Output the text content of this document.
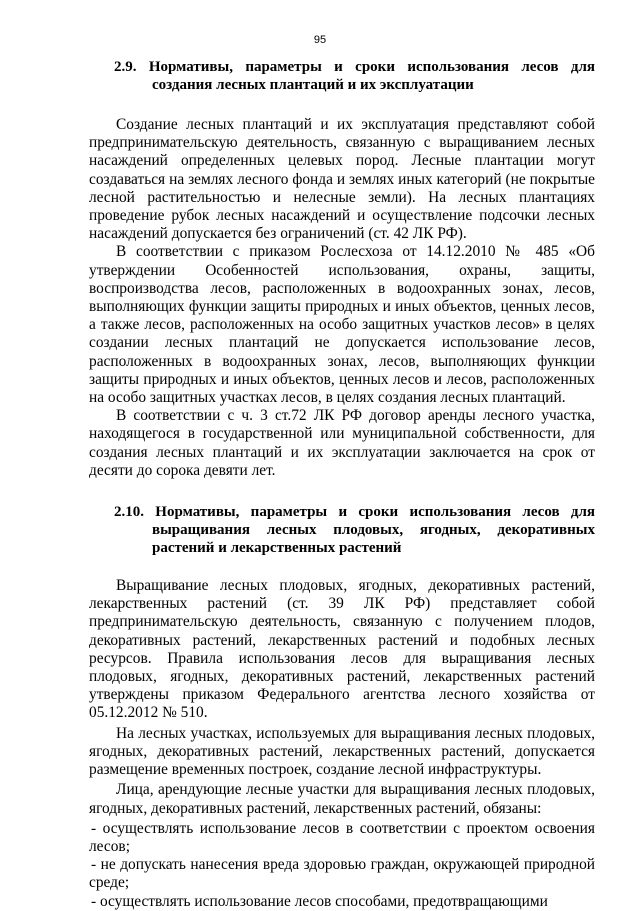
95
2.9. Нормативы, параметры и сроки использования лесов для создания лесных плантаций и их эксплуатации

Создание лесных плантаций и их эксплуатация представляют собой предпринимательскую деятельность, связанную с выращиванием лесных насаждений определенных целевых пород. Лесные плантации могут создаваться на землях лесного фонда и землях иных категорий (не покрытые лесной растительностью и нелесные земли). На лесных плантациях проведение рубок лесных насаждений и осуществление подсочки лесных насаждений допускается без ограничений (ст. 42 ЛК РФ).

В соответствии с приказом Рослесхоза от 14.12.2010 № 485 «Об утверждении Особенностей использования, охраны, защиты, воспроизводства лесов, расположенных в водоохранных зонах, лесов, выполняющих функции защиты природных и иных объектов, ценных лесов, а также лесов, расположенных на особо защитных участков лесов» в целях создании лесных плантаций не допускается использование лесов, расположенных в водоохранных зонах, лесов, выполняющих функции защиты природных и иных объектов, ценных лесов и лесов, расположенных на особо защитных участках лесов, в целях создания лесных плантаций.

В соответствии с ч. 3 ст.72 ЛК РФ договор аренды лесного участка, находящегося в государственной или муниципальной собственности, для создания лесных плантаций и их эксплуатации заключается на срок от десяти до сорока девяти лет.

2.10. Нормативы, параметры и сроки использования лесов для выращивания лесных плодовых, ягодных, декоративных растений и лекарственных растений

Выращивание лесных плодовых, ягодных, декоративных растений, лекарственных растений (ст. 39 ЛК РФ) представляет собой предпринимательскую деятельность, связанную с получением плодов, декоративных растений, лекарственных растений и подобных лесных ресурсов. Правила использования лесов для выращивания лесных плодовых, ягодных, декоративных растений, лекарственных растений утверждены приказом Федерального агентства лесного хозяйства от 05.12.2012 № 510.

На лесных участках, используемых для выращивания лесных плодовых, ягодных, декоративных растений, лекарственных растений, допускается размещение временных построек, создание лесной инфраструктуры.

Лица, арендующие лесные участки для выращивания лесных плодовых, ягодных, декоративных растений, лекарственных растений, обязаны:

- осуществлять использование лесов в соответствии с проектом освоения лесов;

- не допускать нанесения вреда здоровью граждан, окружающей природной среде;

- осуществлять использование лесов способами, предотвращающими
